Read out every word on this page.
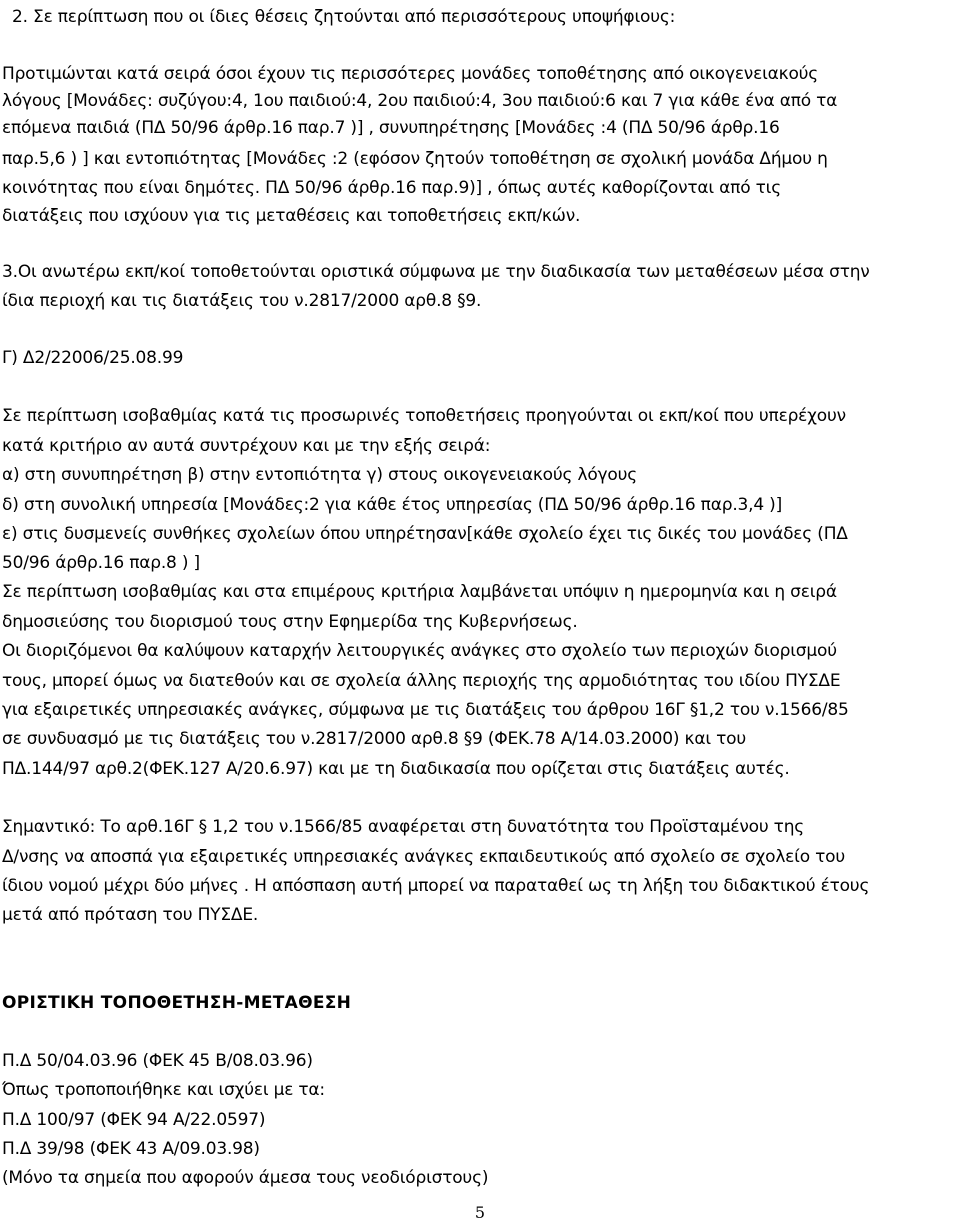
2. Σε περίπτωση που οι ίδιες θέσεις ζητούνται από περισσότερους υποψήφιους:
Προτιμώνται κατά σειρά όσοι έχουν τις περισσότερες μονάδες τοποθέτησης από οικογενειακούς
λόγους [Μονάδες: συζύγου:4, 1ου παιδιού:4, 2ου παιδιού:4, 3ου παιδιού:6 και 7 για κάθε ένα από τα
επόμενα παιδιά (ΠΔ 50/96 άρθρ.16 παρ.7 )] , συνυπηρέτησης [Μονάδες :4 (ΠΔ 50/96 άρθρ.16
παρ.5,6 ) ] και εντοπιότητας [Μονάδες :2 (εφόσον ζητούν τοποθέτηση σε σχολική μονάδα Δήμου η
κοινότητας που είναι δημότες. ΠΔ 50/96 άρθρ.16 παρ.9)] , όπως αυτές καθορίζονται από τις
διατάξεις που ισχύουν για τις μεταθέσεις και τοποθετήσεις εκπ/κών.
3.Οι ανωτέρω εκπ/κοί τοποθετούνται οριστικά σύμφωνα με την διαδικασία των μεταθέσεων μέσα στην
ίδια περιοχή και τις διατάξεις του ν.2817/2000 αρθ.8 §9.
Γ) Δ2/22006/25.08.99
Σε περίπτωση ισοβαθμίας κατά τις προσωρινές τοποθετήσεις προηγούνται οι εκπ/κοί που υπερέχουν
κατά κριτήριο αν αυτά συντρέχουν και με την εξής σειρά:
α) στη συνυπηρέτηση β) στην εντοπιότητα γ) στους οικογενειακούς λόγους
δ) στη συνολική υπηρεσία [Μονάδες:2 για κάθε έτος υπηρεσίας (ΠΔ 50/96 άρθρ.16 παρ.3,4 )]
ε) στις δυσμενείς συνθήκες σχολείων όπου υπηρέτησαν[κάθε σχολείο έχει τις δικές του μονάδες (ΠΔ
50/96 άρθρ.16 παρ.8 ) ]
Σε περίπτωση ισοβαθμίας και στα επιμέρους κριτήρια λαμβάνεται υπόψιν η ημερομηνία και η σειρά
δημοσιεύσης του διορισμού τους στην Εφημερίδα της Κυβερνήσεως.
Οι διοριζόμενοι θα καλύψουν καταρχήν λειτουργικές ανάγκες στο σχολείο των περιοχών διορισμού
τους, μπορεί όμως να διατεθούν και σε σχολεία άλλης περιοχής της αρμοδιότητας του ιδίου ΠΥΣΔΕ
για εξαιρετικές υπηρεσιακές ανάγκες, σύμφωνα με τις διατάξεις του άρθρου 16Γ §1,2 του ν.1566/85
σε συνδυασμό με τις διατάξεις του ν.2817/2000 αρθ.8 §9 (ΦΕΚ.78 Α/14.03.2000) και του
ΠΔ.144/97 αρθ.2(ΦΕΚ.127 Α/20.6.97) και με τη διαδικασία που ορίζεται στις διατάξεις αυτές.
Σημαντικό: Το αρθ.16Γ § 1,2 του ν.1566/85 αναφέρεται στη δυνατότητα του Προϊσταμένου της
Δ/νσης να αποσπά για εξαιρετικές υπηρεσιακές ανάγκες εκπαιδευτικούς από σχολείο σε σχολείο του
ίδιου νομού μέχρι δύο μήνες . Η απόσπαση αυτή μπορεί να παραταθεί ως τη λήξη του διδακτικού έτους
μετά από πρόταση του ΠΥΣΔΕ.
ΟΡΙΣΤΙΚΗ ΤΟΠΟΘΕΤΗΣΗ-ΜΕΤΑΘΕΣΗ
Π.Δ 50/04.03.96 (ΦΕΚ 45 Β/08.03.96)
Όπως τροποποιήθηκε και ισχύει με τα:
Π.Δ 100/97 (ΦΕΚ 94 Α/22.0597)
Π.Δ 39/98 (ΦΕΚ 43 Α/09.03.98)
(Μόνο τα σημεία που αφορούν άμεσα τους νεοδιόριστους)
5
